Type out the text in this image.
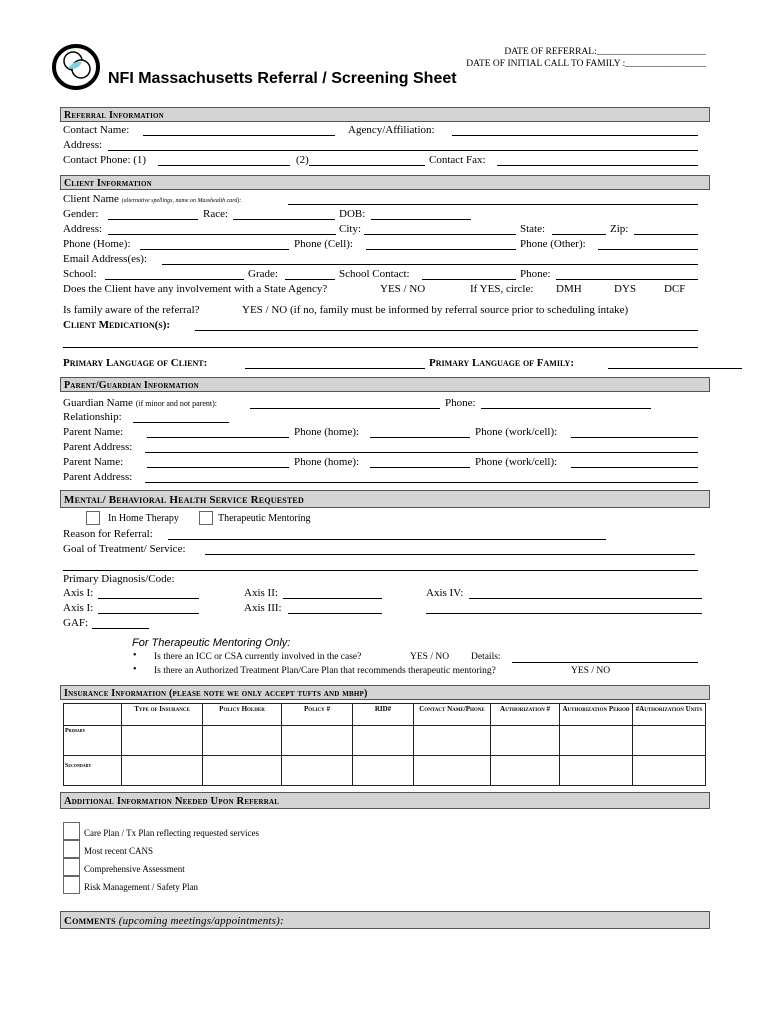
DATE OF REFERRAL:_______________________
DATE OF INITIAL CALL TO FAMILY :_________________
NFI Massachusetts Referral / Screening Sheet
Referral Information
Contact Name:	Agency/Affiliation:
Address:
Contact Phone: (1)	(2)	Contact Fax:
Client Information
Client Name (alternative spellings, name on Masshealth card):
Gender:	Race:	DOB:
Address:	City:	State:	Zip:
Phone (Home):	Phone (Cell):	Phone (Other):
Email Address(es):
School:	Grade:	School Contact:	Phone:
Does the Client have any involvement with a State Agency?	YES / NO	If YES, circle: DMH	DYS	DCF
Is family aware of the referral?	YES / NO (if no, family must be informed by referral source prior to scheduling intake)
Client Medication(s):
Primary Language of Client:	Primary Language of Family:
Parent/Guardian Information
Guardian Name (if minor and not parent):	Phone:
Relationship:
Parent Name:	Phone (home):	Phone (work/cell):
Parent Address:
Parent Name:	Phone (home):	Phone (work/cell):
Parent Address:
Mental/ Behavioral Health Service Requested
In Home Therapy	Therapeutic Mentoring
Reason for Referral:
Goal of Treatment/ Service:
Primary Diagnosis/Code:
Axis I:	Axis II:	Axis IV:
Axis I:	Axis III:
GAF:
For Therapeutic Mentoring Only:
• Is there an ICC or CSA currently involved in the case?	YES / NO Details:
• Is there an Authorized Treatment Plan/Care Plan that recommends therapeutic mentoring?	YES / NO
Insurance Information (please note we only accept tufts and mbhp)
	Type of Insurance	Policy Holder	Policy #	RID#	Contact Name/Phone	Authorization #	Authorization Period	#Authorization Units
Primary								
Secondary								
Additional Information Needed Upon Referral
Care Plan / Tx Plan reflecting requested services
Most recent CANS
Comprehensive Assessment
Risk Management / Safety Plan
Comments (upcoming meetings/appointments):
